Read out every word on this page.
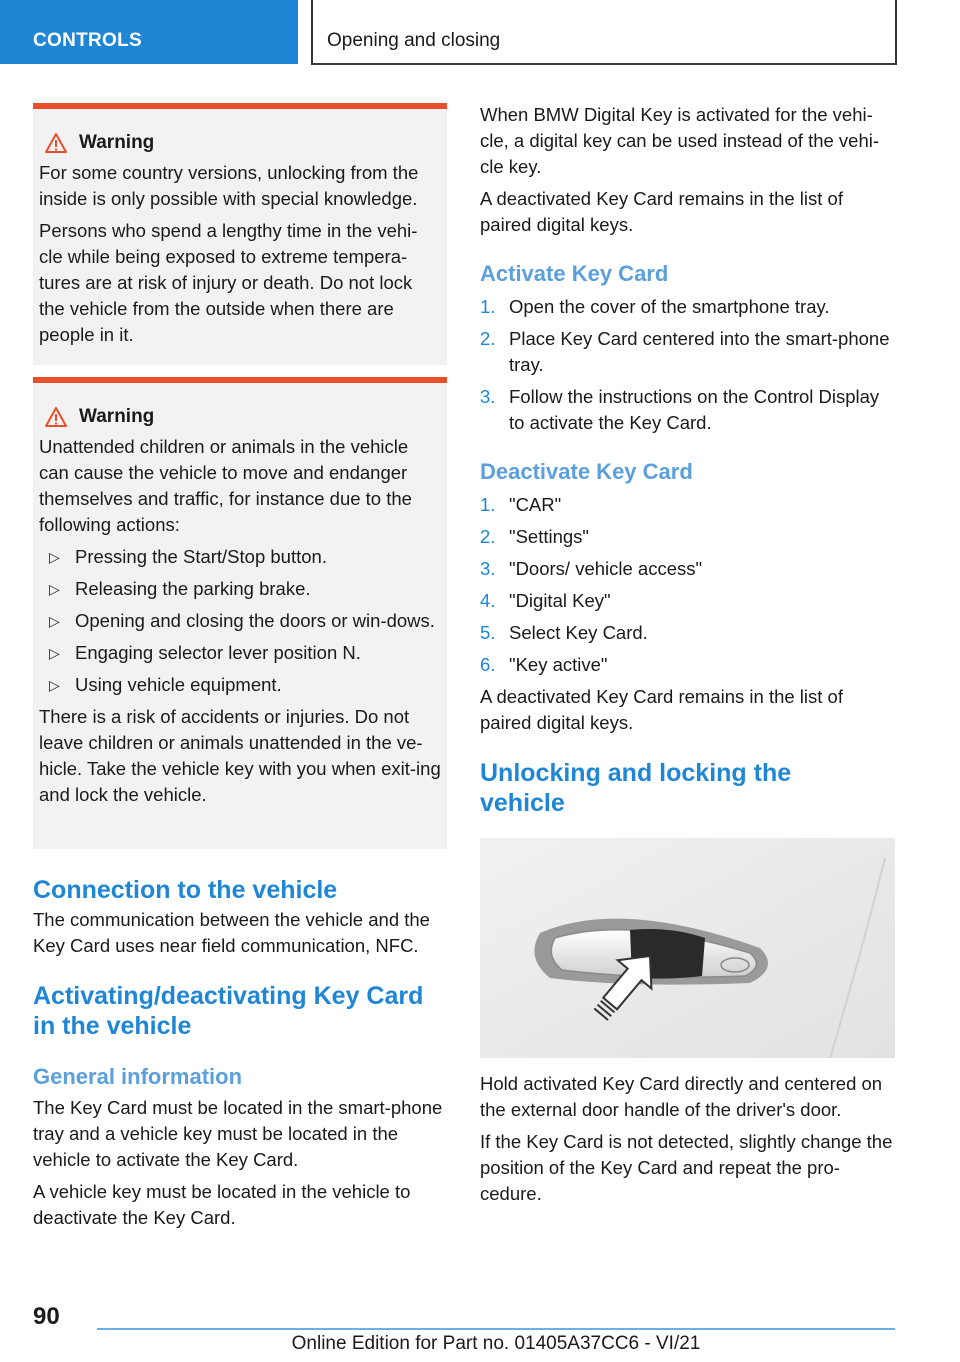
CONTROLS	Opening and closing
Warning

For some country versions, unlocking from the inside is only possible with special knowledge.

Persons who spend a lengthy time in the vehi‐cle while being exposed to extreme tempera‐tures are at risk of injury or death. Do not lock the vehicle from the outside when there are people in it.

Warning

Unattended children or animals in the vehicle can cause the vehicle to move and endanger themselves and traffic, for instance due to the following actions:

▷ Pressing the Start/Stop button.
▷ Releasing the parking brake.
▷ Opening and closing the doors or win‐dows.
▷ Engaging selector lever position N.
▷ Using vehicle equipment.

There is a risk of accidents or injuries. Do not leave children or animals unattended in the ve‐hicle. Take the vehicle key with you when exit‐ing and lock the vehicle.

Connection to the vehicle

The communication between the vehicle and the Key Card uses near field communication, NFC.

Activating/deactivating Key Card in the vehicle
General information

The Key Card must be located in the smart‐phone tray and a vehicle key must be located in the vehicle to activate the Key Card.

A vehicle key must be located in the vehicle to deactivate the Key Card.

When BMW Digital Key is activated for the vehi‐cle, a digital key can be used instead of the vehi‐cle key.

A deactivated Key Card remains in the list of paired digital keys.

Activate Key Card
1. Open the cover of the smartphone tray.
2. Place Key Card centered into the smart‐phone tray.
3. Follow the instructions on the Control Display to activate the Key Card.
Deactivate Key Card
1. "CAR"
2. "Settings"
3. "Doors/ vehicle access"
4. "Digital Key"
5. Select Key Card.
6. "Key active"

A deactivated Key Card remains in the list of paired digital keys.

Unlocking and locking the vehicle

Hold activated Key Card directly and centered on the external door handle of the driver's door.

If the Key Card is not detected, slightly change the position of the Key Card and repeat the pro‐cedure.

90
Online Edition for Part no. 01405A37CC6 - VI/21
